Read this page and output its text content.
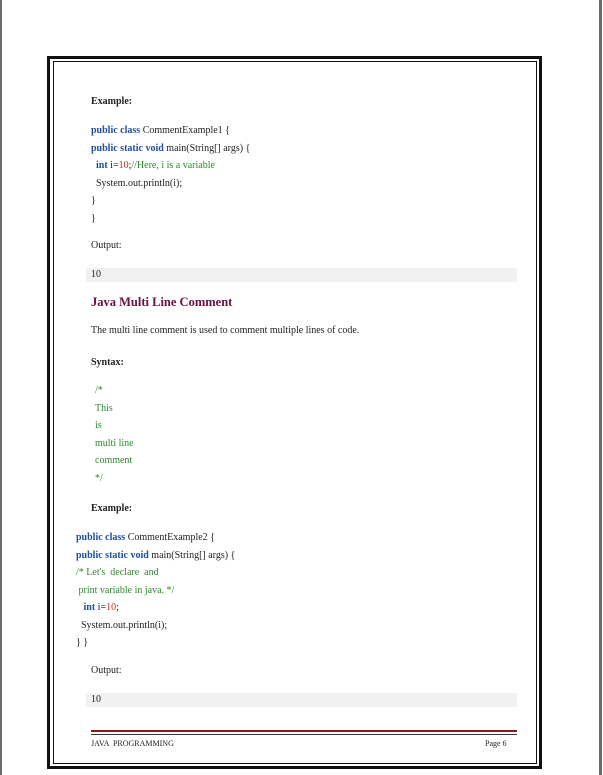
Example:
public class CommentExample1 {
public static void main(String[] args) {
int i=10;//Here, i is a variable
System.out.println(i);
}
}
Output:
10
Java Multi Line Comment
The multi line comment is used to comment multiple lines of code.
Syntax:
/*
This
is
multi line
comment
*/
Example:
public class CommentExample2 {
public static void main(String[] args) {
/* Let's  declare  and
print variable in java. */
int i=10;
System.out.println(i);
} }
Output:
10
JAVA  PROGRAMMING	Page 6
